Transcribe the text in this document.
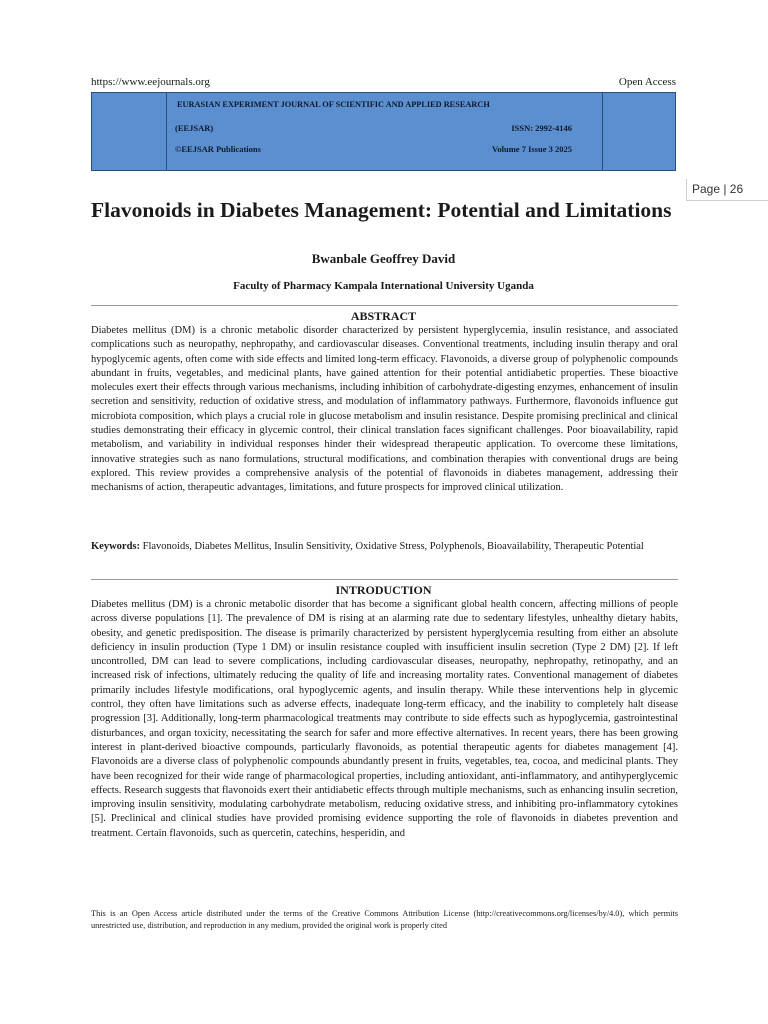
https://www.eejournals.org	Open Access
EURASIAN EXPERIMENT JOURNAL OF SCIENTIFIC AND APPLIED RESEARCH
(EEJSAR)	ISSN: 2992-4146
©EEJSAR Publications	Volume 7 Issue 3 2025
Page | 26
Flavonoids in Diabetes Management: Potential and Limitations
Bwanbale Geoffrey David
Faculty of Pharmacy Kampala International University Uganda
ABSTRACT

Diabetes mellitus (DM) is a chronic metabolic disorder characterized by persistent hyperglycemia, insulin resistance, and associated complications such as neuropathy, nephropathy, and cardiovascular diseases. Conventional treatments, including insulin therapy and oral hypoglycemic agents, often come with side effects and limited long-term efficacy. Flavonoids, a diverse group of polyphenolic compounds abundant in fruits, vegetables, and medicinal plants, have gained attention for their potential antidiabetic properties. These bioactive molecules exert their effects through various mechanisms, including inhibition of carbohydrate-digesting enzymes, enhancement of insulin secretion and sensitivity, reduction of oxidative stress, and modulation of inflammatory pathways. Furthermore, flavonoids influence gut microbiota composition, which plays a crucial role in glucose metabolism and insulin resistance. Despite promising preclinical and clinical studies demonstrating their efficacy in glycemic control, their clinical translation faces significant challenges. Poor bioavailability, rapid metabolism, and variability in individual responses hinder their widespread therapeutic application. To overcome these limitations, innovative strategies such as nano formulations, structural modifications, and combination therapies with conventional drugs are being explored. This review provides a comprehensive analysis of the potential of flavonoids in diabetes management, addressing their mechanisms of action, therapeutic advantages, limitations, and future prospects for improved clinical utilization.

Keywords: Flavonoids, Diabetes Mellitus, Insulin Sensitivity, Oxidative Stress, Polyphenols, Bioavailability, Therapeutic Potential

INTRODUCTION

Diabetes mellitus (DM) is a chronic metabolic disorder that has become a significant global health concern, affecting millions of people across diverse populations [1]. The prevalence of DM is rising at an alarming rate due to sedentary lifestyles, unhealthy dietary habits, obesity, and genetic predisposition. The disease is primarily characterized by persistent hyperglycemia resulting from either an absolute deficiency in insulin production (Type 1 DM) or insulin resistance coupled with insufficient insulin secretion (Type 2 DM) [2]. If left uncontrolled, DM can lead to severe complications, including cardiovascular diseases, neuropathy, nephropathy, retinopathy, and an increased risk of infections, ultimately reducing the quality of life and increasing mortality rates. Conventional management of diabetes primarily includes lifestyle modifications, oral hypoglycemic agents, and insulin therapy. While these interventions help in glycemic control, they often have limitations such as adverse effects, inadequate long-term efficacy, and the inability to completely halt disease progression [3]. Additionally, long-term pharmacological treatments may contribute to side effects such as hypoglycemia, gastrointestinal disturbances, and organ toxicity, necessitating the search for safer and more effective alternatives. In recent years, there has been growing interest in plant-derived bioactive compounds, particularly flavonoids, as potential therapeutic agents for diabetes management [4]. Flavonoids are a diverse class of polyphenolic compounds abundantly present in fruits, vegetables, tea, cocoa, and medicinal plants. They have been recognized for their wide range of pharmacological properties, including antioxidant, anti-inflammatory, and antihyperglycemic effects. Research suggests that flavonoids exert their antidiabetic effects through multiple mechanisms, such as enhancing insulin secretion, improving insulin sensitivity, modulating carbohydrate metabolism, reducing oxidative stress, and inhibiting pro-inflammatory cytokines [5]. Preclinical and clinical studies have provided promising evidence supporting the role of flavonoids in diabetes prevention and treatment. Certain flavonoids, such as quercetin, catechins, hesperidin, and

This is an Open Access article distributed under the terms of the Creative Commons Attribution License (http://creativecommons.org/licenses/by/4.0), which permits unrestricted use, distribution, and reproduction in any medium, provided the original work is properly cited
